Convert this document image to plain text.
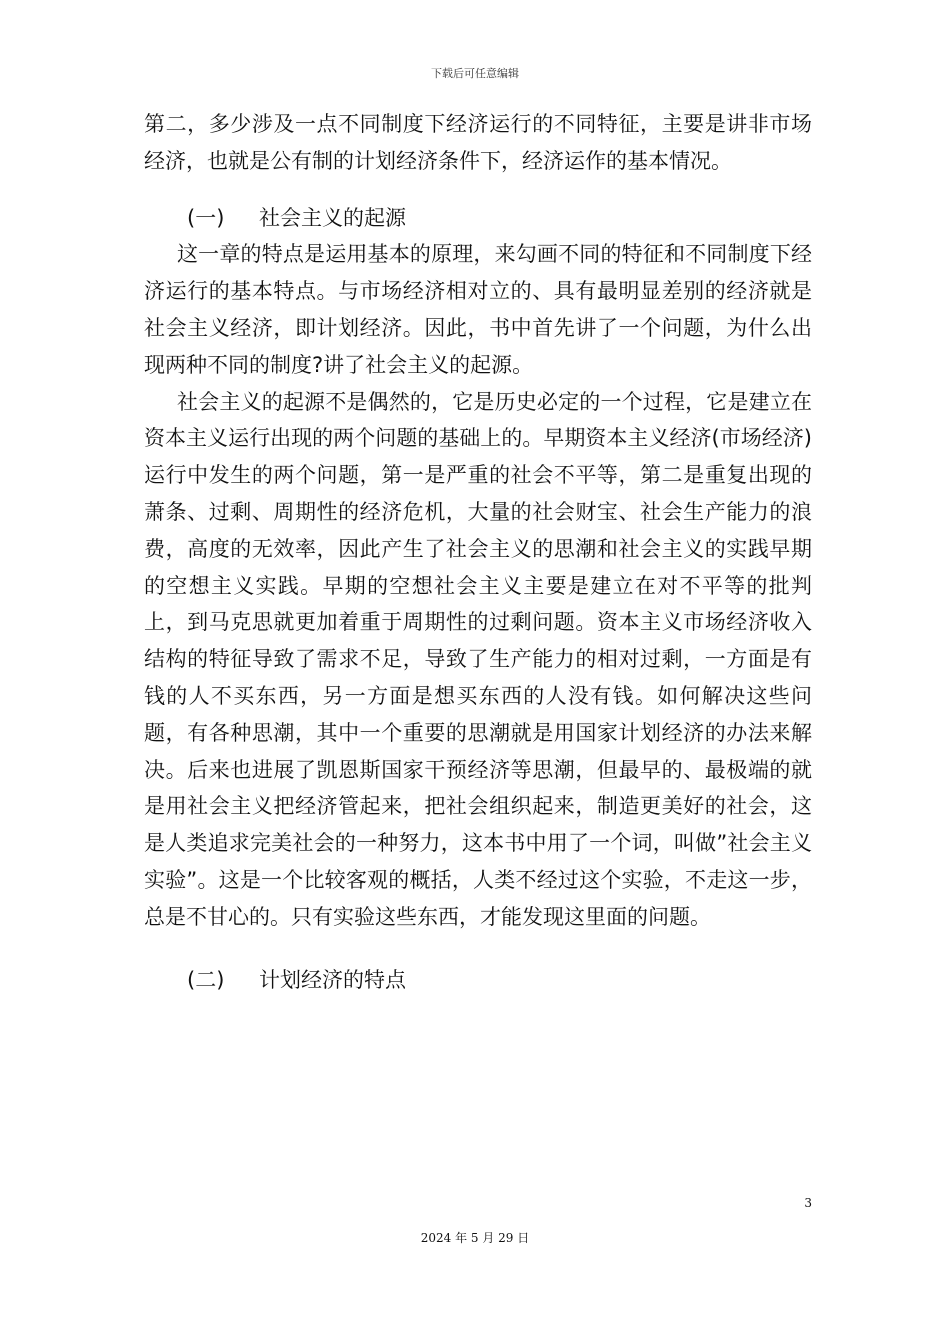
下载后可任意编辑

第二，多少涉及一点不同制度下经济运行的不同特征，主要是讲非市场经济，也就是公有制的计划经济条件下，经济运作的基本情况。

(一) 社会主义的起源

这一章的特点是运用基本的原理，来勾画不同的特征和不同制度下经济运行的基本特点。与市场经济相对立的、具有最明显差别的经济就是社会主义经济，即计划经济。因此，书中首先讲了一个问题，为什么出现两种不同的制度?讲了社会主义的起源。

社会主义的起源不是偶然的，它是历史必定的一个过程，它是建立在资本主义运行出现的两个问题的基础上的。早期资本主义经济(市场经济)运行中发生的两个问题，第一是严重的社会不平等，第二是重复出现的萧条、过剩、周期性的经济危机，大量的社会财宝、社会生产能力的浪费，高度的无效率，因此产生了社会主义的思潮和社会主义的实践早期的空想主义实践。早期的空想社会主义主要是建立在对不平等的批判上，到马克思就更加着重于周期性的过剩问题。资本主义市场经济收入结构的特征导致了需求不足，导致了生产能力的相对过剩，一方面是有钱的人不买东西，另一方面是想买东西的人没有钱。如何解决这些问题，有各种思潮，其中一个重要的思潮就是用国家计划经济的办法来解决。后来也进展了凯恩斯国家干预经济等思潮，但最早的、最极端的就是用社会主义把经济管起来，把社会组织起来，制造更美好的社会，这是人类追求完美社会的一种努力，这本书中用了一个词，叫做”社会主义实验”。这是一个比较客观的概括，人类不经过这个实验，不走这一步，总是不甘心的。只有实验这些东西，才能发现这里面的问题。

(二) 计划经济的特点

3
2024 年 5 月 29 日
